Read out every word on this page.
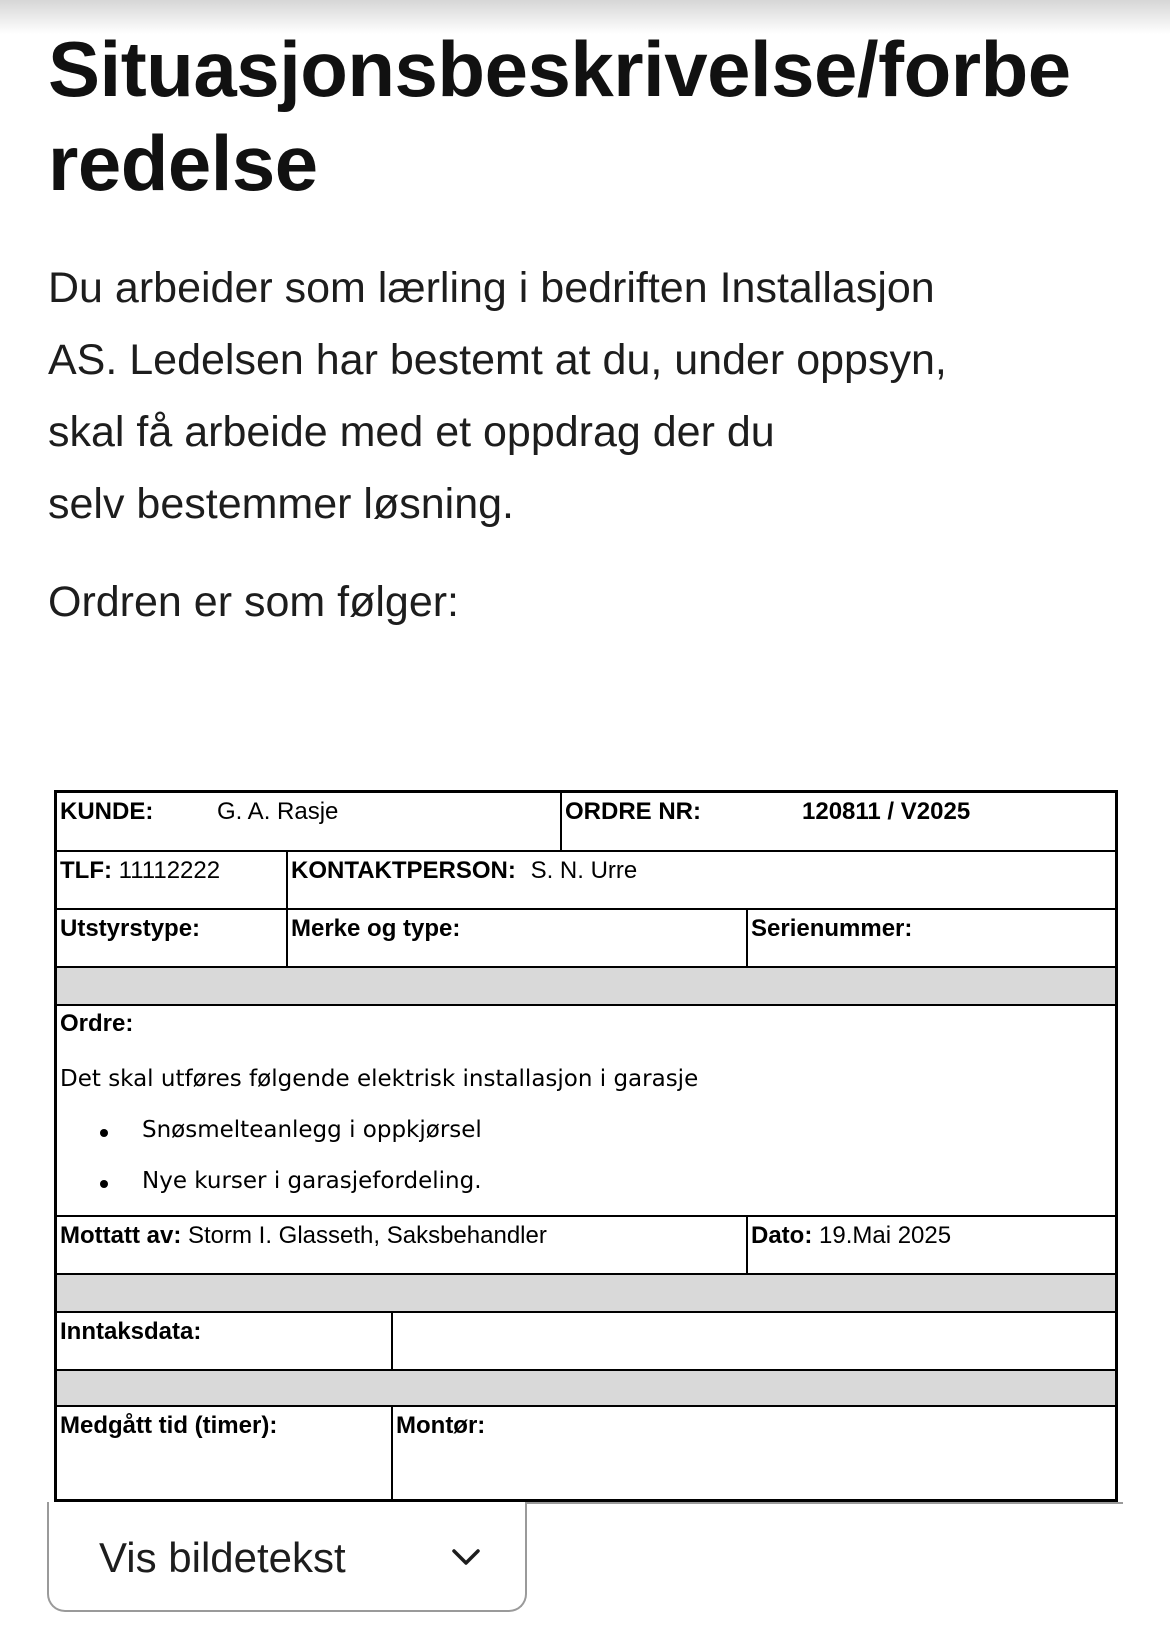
Situasjonsbeskrivelse/forbe
redelse

Du arbeider som lærling i bedriften Installasjon
AS. Ledelsen har bestemt at du, under oppsyn,
skal få arbeide med et oppdrag der du
selv bestemmer løsning.

Ordren er som følger:

KUNDE:	G. A. Rasje	ORDRE NR:	120811 / V2025
TLF: 11112222	KONTAKTPERSON: S. N. Urre
Utstyrstype:	Merke og type:	Serienummer:
Ordre:
Det skal utføres følgende elektrisk installasjon i garasje
Snøsmelteanlegg i oppkjørsel
Nye kurser i garasjefordeling.
Mottatt av: Storm I. Glasseth, Saksbehandler	Dato: 19.Mai 2025
Inntaksdata:
Medgått tid (timer):	Montør:
Vis bildetekst
